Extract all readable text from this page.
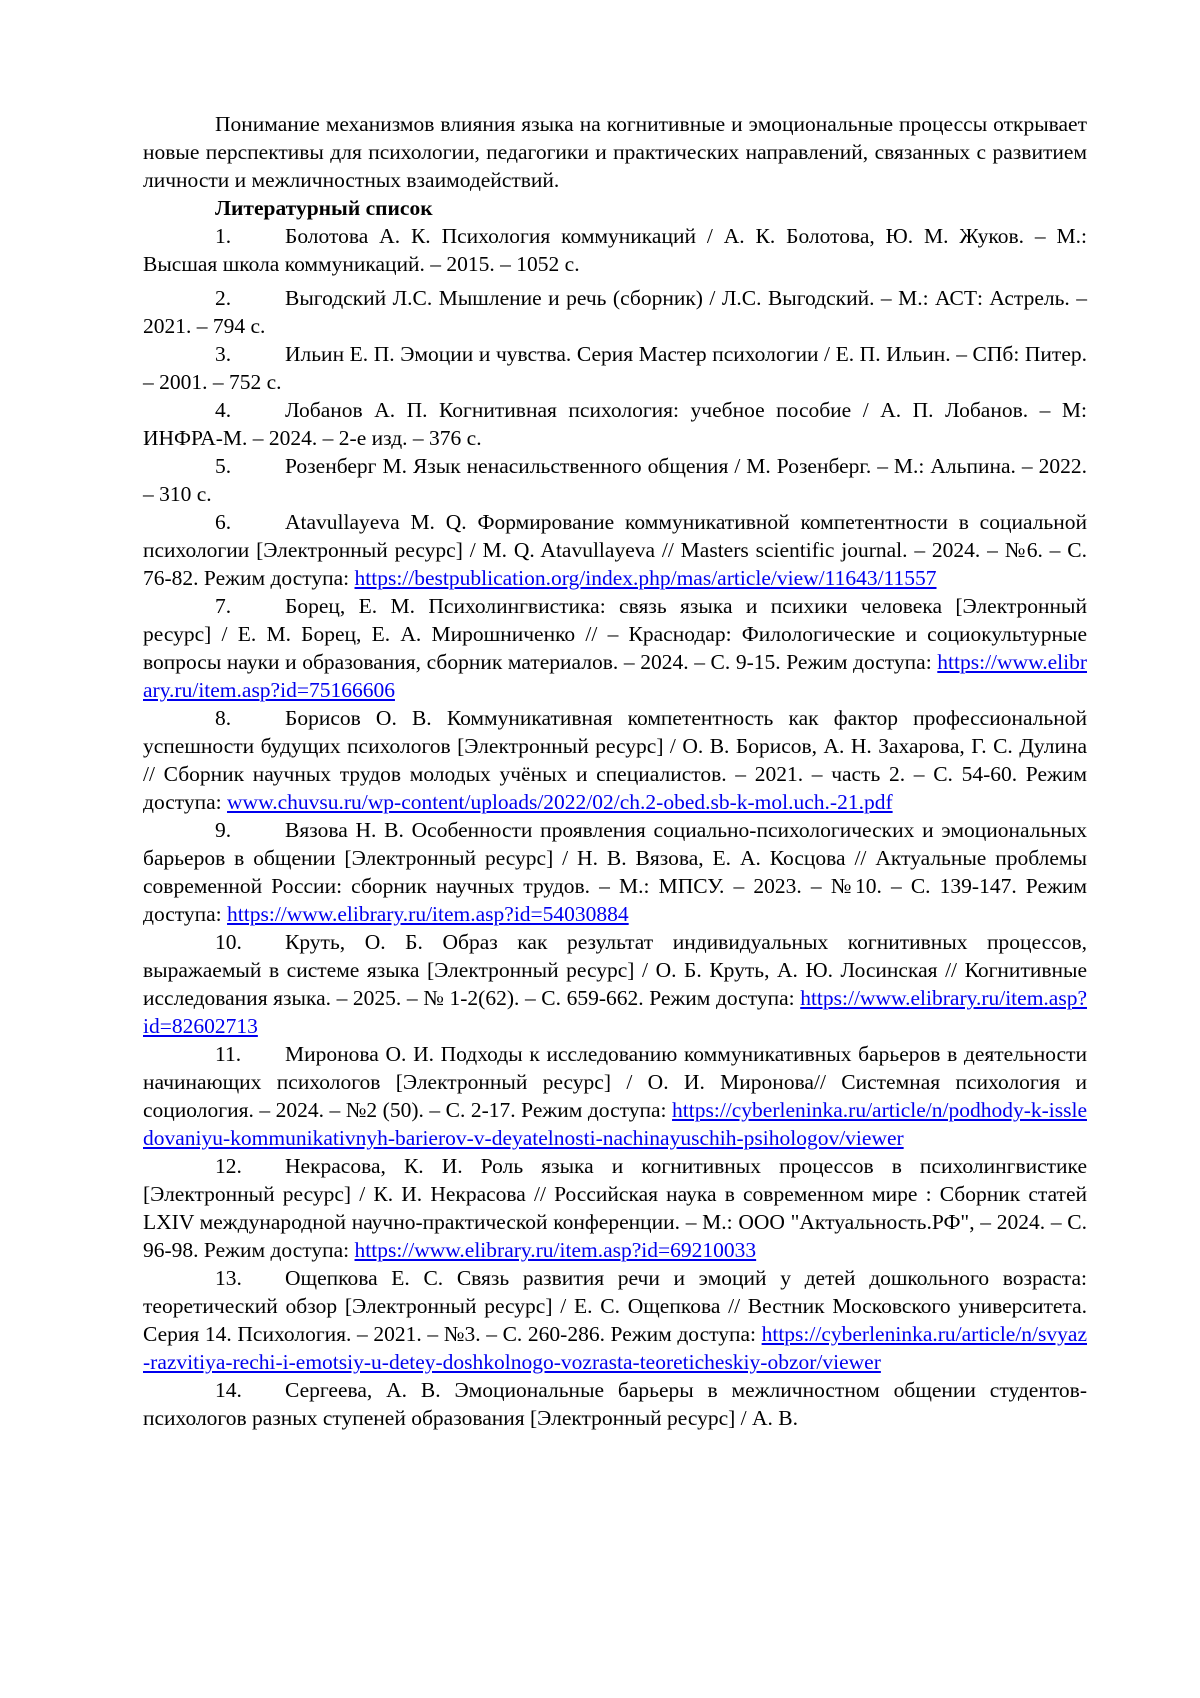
Понимание механизмов влияния языка на когнитивные и эмоциональные процессы открывает новые перспективы для психологии, педагогики и практических направлений, связанных с развитием личности и межличностных взаимодействий.

Литературный список

1.	Болотова А. К. Психология коммуникаций / А. К. Болотова, Ю. М. Жуков. – М.: Высшая школа коммуникаций. – 2015. – 1052 с.

2.	Выгодский Л.С. Мышление и речь (сборник) / Л.С. Выгодский. – М.: АСТ: Астрель. – 2021. – 794 с.

3.	Ильин Е. П. Эмоции и чувства. Серия Мастер психологии / Е. П. Ильин. – СПб: Питер. – 2001. – 752 с.

4.	Лобанов А. П. Когнитивная психология: учебное пособие / А. П. Лобанов. – М: ИНФРА-М. – 2024. – 2-е изд. – 376 с.

5.	Розенберг М. Язык ненасильственного общения / М. Розенберг. – М.: Альпина. – 2022. – 310 с.

6.	Atavullayeva M. Q. Формирование коммуникативной компетентности в социальной психологии [Электронный ресурс] / M. Q. Atavullayeva // Masters scientific journal. – 2024. – №6. – С. 76-82. Режим доступа: https://bestpublication.org/index.php/mas/article/view/11643/11557

7.	Борец, Е. М. Психолингвистика: связь языка и психики человека [Электронный ресурс] / Е. М. Борец, Е. А. Мирошниченко // – Краснодар: Филологические и социокультурные вопросы науки и образования, сборник материалов. – 2024. – С. 9-15. Режим доступа: https://www.elibrary.ru/item.asp?id=75166606

8.	Борисов О. В. Коммуникативная компетентность как фактор профессиональной успешности будущих психологов [Электронный ресурс] / О. В. Борисов, А. Н. Захарова, Г. С. Дулина // Сборник научных трудов молодых учёных и специалистов. – 2021. – часть 2. – С. 54-60. Режим доступа: www.chuvsu.ru/wp-content/uploads/2022/02/ch.2-obed.sb-k-mol.uch.-21.pdf

9.	Вязова Н. В. Особенности проявления социально-психологических и эмоциональных барьеров в общении [Электронный ресурс] / Н. В. Вязова, Е. А. Косцова // Актуальные проблемы современной России: сборник научных трудов. – М.: МПСУ. – 2023. – №10. – С. 139-147. Режим доступа: https://www.elibrary.ru/item.asp?id=54030884

10. Круть, О. Б. Образ как результат индивидуальных когнитивных процессов, выражаемый в системе языка [Электронный ресурс] / О. Б. Круть, А. Ю. Лосинская // Когнитивные исследования языка. – 2025. – № 1-2(62). – С. 659-662. Режим доступа: https://www.elibrary.ru/item.asp?id=82602713

11. Миронова О. И. Подходы к исследованию коммуникативных барьеров в деятельности начинающих психологов [Электронный ресурс] / О. И. Миронова// Системная психология и социология. – 2024. – №2 (50). – С. 2-17. Режим доступа: https://cyberleninka.ru/article/n/podhody-k-issledovaniyu-kommunikativnyh-barierov-v-deyatelnosti-nachinayuschih-psihologov/viewer

12. Некрасова, К. И. Роль языка и когнитивных процессов в психолингвистике [Электронный ресурс] / К. И. Некрасова // Российская наука в современном мире : Сборник статей LXIV международной научно-практической конференции. – М.: ООО "Актуальность.РФ", – 2024. – С. 96-98. Режим доступа: https://www.elibrary.ru/item.asp?id=69210033

13. Ощепкова Е. С. Связь развития речи и эмоций у детей дошкольного возраста: теоретический обзор [Электронный ресурс] / Е. С. Ощепкова // Вестник Московского университета. Серия 14. Психология. – 2021. – №3. – С. 260-286. Режим доступа: https://cyberleninka.ru/article/n/svyaz-razvitiya-rechi-i-emotsiy-u-detey-doshkolnogo-vozrasta-teoreticheskiy-obzor/viewer

14. Сергеева, А. В. Эмоциональные барьеры в межличностном общении студентов-психологов разных ступеней образования [Электронный ресурс] / А. В.
